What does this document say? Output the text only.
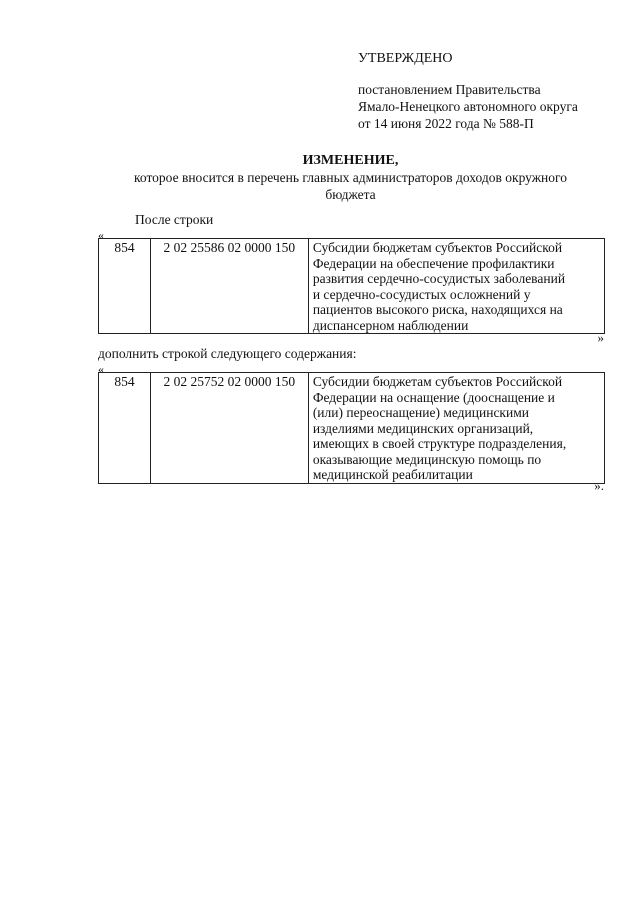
УТВЕРЖДЕНО
постановлением Правительства
Ямало-Ненецкого автономного округа
от 14 июня 2022 года № 588-П
ИЗМЕНЕНИЕ,
которое вносится в перечень главных администраторов доходов окружного
бюджета
После строки
«
854	2 02 25586 02 0000 150	Субсидии бюджетам субъектов Российской
Федерации на обеспечение профилактики
развития сердечно-сосудистых заболеваний
и сердечно-сосудистых осложнений у
пациентов высокого риска, находящихся на
диспансерном наблюдении
»
дополнить строкой следующего содержания:
«
854	2 02 25752 02 0000 150	Субсидии бюджетам субъектов Российской
Федерации на оснащение (дооснащение и
(или) переоснащение) медицинскими
изделиями медицинских организаций,
имеющих в своей структуре подразделения,
оказывающие медицинскую помощь по
медицинской реабилитации
».
